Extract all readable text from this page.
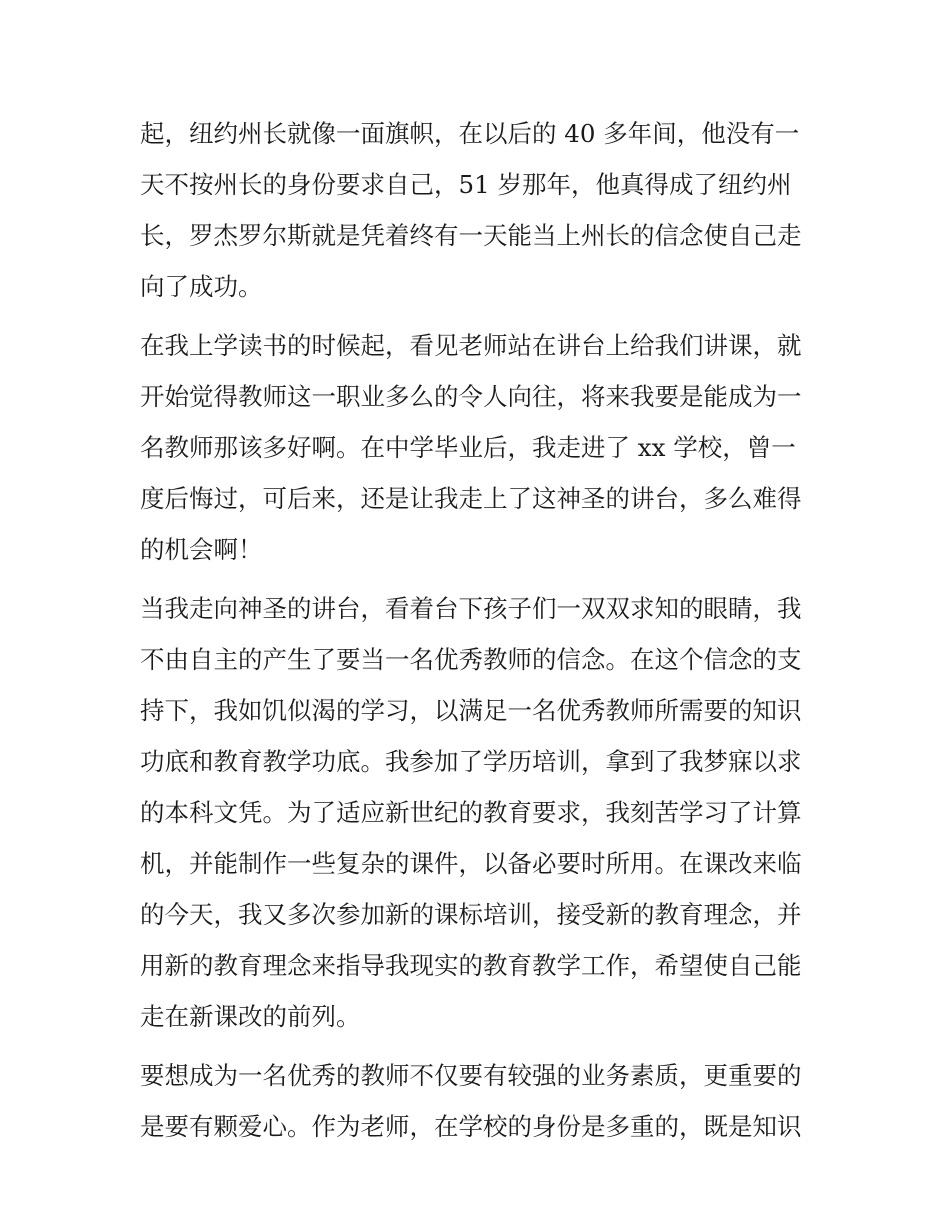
起，纽约州长就像一面旗帜，在以后的 40 多年间，他没有一
天不按州长的身份要求自己，51 岁那年，他真得成了纽约州
长，罗杰罗尔斯就是凭着终有一天能当上州长的信念使自己走
向了成功。
在我上学读书的时候起，看见老师站在讲台上给我们讲课，就
开始觉得教师这一职业多么的令人向往，将来我要是能成为一
名教师那该多好啊。在中学毕业后，我走进了 xx 学校，曾一
度后悔过，可后来，还是让我走上了这神圣的讲台，多么难得
的机会啊！
当我走向神圣的讲台，看着台下孩子们一双双求知的眼睛，我
不由自主的产生了要当一名优秀教师的信念。在这个信念的支
持下，我如饥似渴的学习，以满足一名优秀教师所需要的知识
功底和教育教学功底。我参加了学历培训，拿到了我梦寐以求
的本科文凭。为了适应新世纪的教育要求，我刻苦学习了计算
机，并能制作一些复杂的课件，以备必要时所用。在课改来临
的今天，我又多次参加新的课标培训，接受新的教育理念，并
用新的教育理念来指导我现实的教育教学工作，希望使自己能
走在新课改的前列。
要想成为一名优秀的教师不仅要有较强的业务素质，更重要的
是要有颗爱心。作为老师，在学校的身份是多重的，既是知识
